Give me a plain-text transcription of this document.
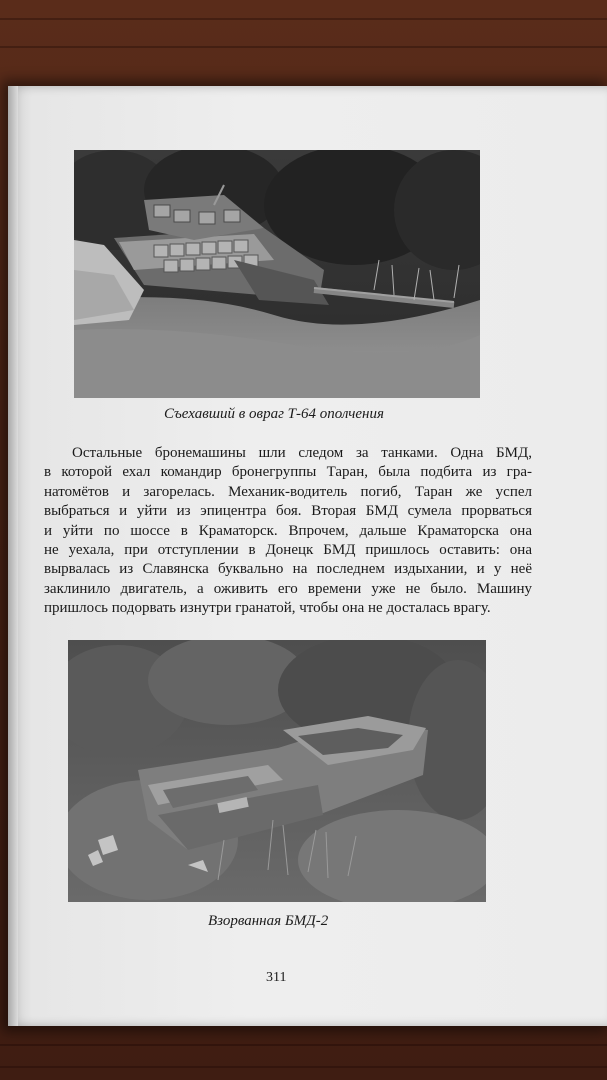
Съехавший в овраг Т-64 ополчения
Остальные бронемашины шли следом за танками. Одна БМД,
в которой ехал командир бронегруппы Таран, была подбита из гра-
натомётов и загорелась. Механик-водитель погиб, Таран же успел
выбраться и уйти из эпицентра боя. Вторая БМД сумела прорваться
и уйти по шоссе в Краматорск. Впрочем, дальше Краматорска она
не уехала, при отступлении в Донецк БМД пришлось оставить: она
вырвалась из Славянска буквально на последнем издыхании, и у неё
заклинило двигатель, а оживить его времени уже не было. Машину
пришлось подорвать изнутри гранатой, чтобы она не досталась врагу.
Взорванная БМД-2
311
